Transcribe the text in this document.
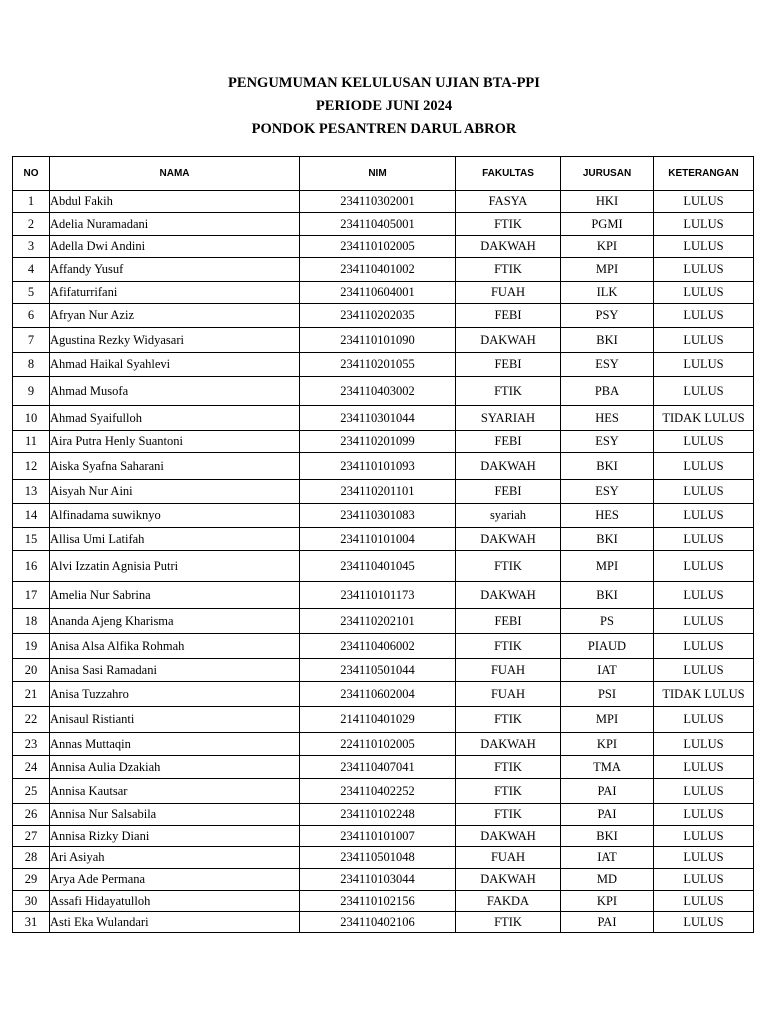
PENGUMUMAN KELULUSAN UJIAN BTA-PPI
PERIODE JUNI 2024
PONDOK PESANTREN DARUL ABROR
NO	NAMA	NIM	FAKULTAS	JURUSAN	KETERANGAN
1	Abdul Fakih	234110302001	FASYA	HKI	LULUS
2	Adelia Nuramadani	234110405001	FTIK	PGMI	LULUS
3	Adella Dwi Andini	234110102005	DAKWAH	KPI	LULUS
4	Affandy Yusuf	234110401002	FTIK	MPI	LULUS
5	Afifaturrifani	234110604001	FUAH	ILK	LULUS
6	Afryan Nur Aziz	234110202035	FEBI	PSY	LULUS
7	Agustina Rezky Widyasari	234110101090	DAKWAH	BKI	LULUS
8	Ahmad Haikal Syahlevi	234110201055	FEBI	ESY	LULUS
9	Ahmad Musofa	234110403002	FTIK	PBA	LULUS
10	Ahmad Syaifulloh	234110301044	SYARIAH	HES	TIDAK LULUS
11	Aira Putra Henly Suantoni	234110201099	FEBI	ESY	LULUS
12	Aiska Syafna Saharani	234110101093	DAKWAH	BKI	LULUS
13	Aisyah Nur Aini	234110201101	FEBI	ESY	LULUS
14	Alfinadama suwiknyo	234110301083	syariah	HES	LULUS
15	Allisa Umi Latifah	234110101004	DAKWAH	BKI	LULUS
16	Alvi Izzatin Agnisia Putri	234110401045	FTIK	MPI	LULUS
17	Amelia Nur Sabrina	234110101173	DAKWAH	BKI	LULUS
18	Ananda Ajeng Kharisma	234110202101	FEBI	PS	LULUS
19	Anisa Alsa Alfika Rohmah	234110406002	FTIK	PIAUD	LULUS
20	Anisa Sasi Ramadani	234110501044	FUAH	IAT	LULUS
21	Anisa Tuzzahro	234110602004	FUAH	PSI	TIDAK LULUS
22	Anisaul Ristianti	214110401029	FTIK	MPI	LULUS
23	Annas Muttaqin	224110102005	DAKWAH	KPI	LULUS
24	Annisa Aulia Dzakiah	234110407041	FTIK	TMA	LULUS
25	Annisa Kautsar	234110402252	FTIK	PAI	LULUS
26	Annisa Nur Salsabila	234110102248	FTIK	PAI	LULUS
27	Annisa Rizky Diani	234110101007	DAKWAH	BKI	LULUS
28	Ari Asiyah	234110501048	FUAH	IAT	LULUS
29	Arya Ade Permana	234110103044	DAKWAH	MD	LULUS
30	Assafi Hidayatulloh	234110102156	FAKDA	KPI	LULUS
31	Asti Eka Wulandari	234110402106	FTIK	PAI	LULUS
